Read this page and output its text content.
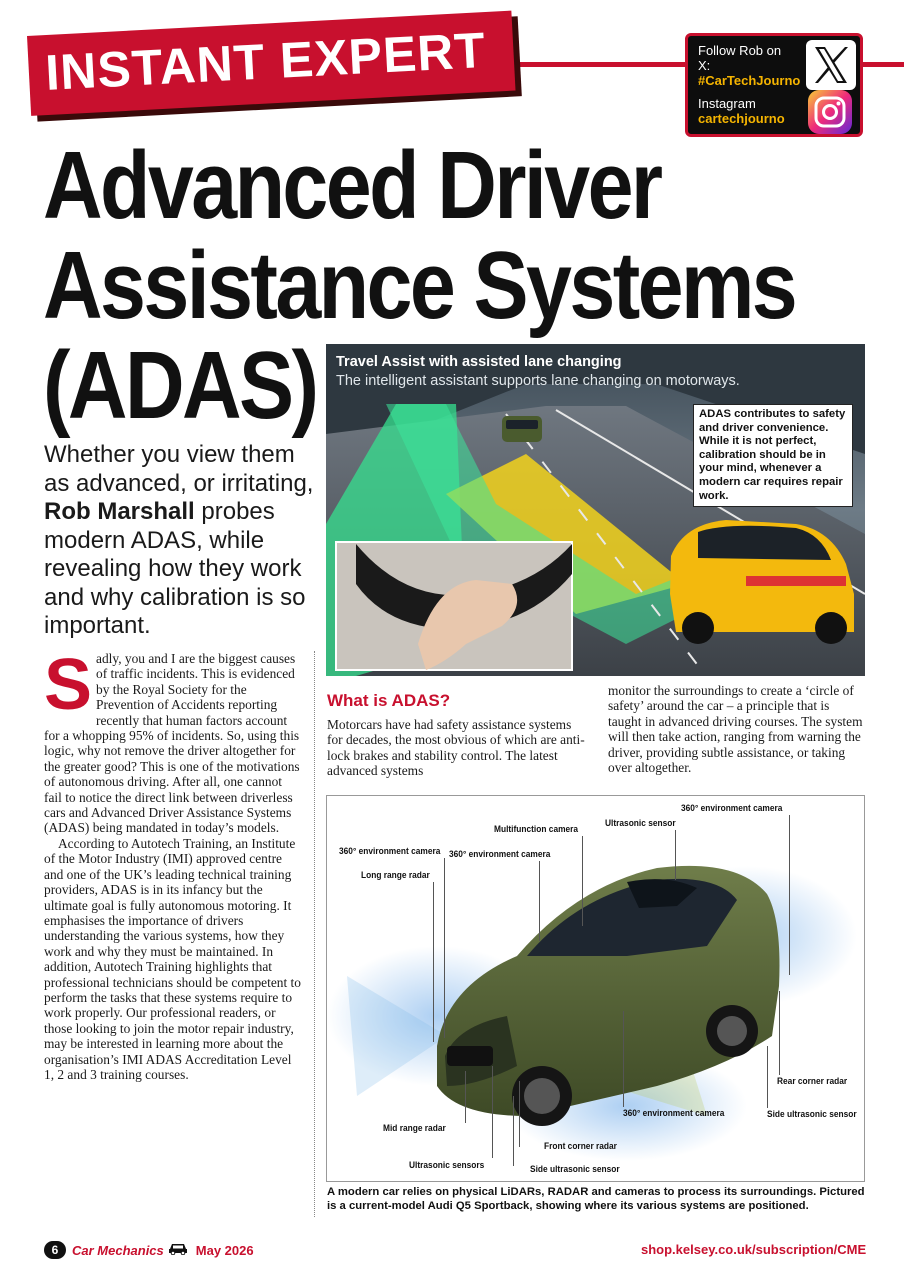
INSTANT EXPERT	Follow Rob on
X:
#CarTechJourno
Instagram
cartechjourno
Advanced Driver
Assistance Systems
(ADAS)
Whether you view them as advanced, or irritating, Rob Marshall probes modern ADAS, while revealing how they work and why calibration is so important.

Sadly, you and I are the biggest causes of traffic incidents. This is evidenced by the Royal Society for the Prevention of Accidents reporting recently that human factors account for a whopping 95% of incidents. So, using this logic, why not remove the driver altogether for the greater good? This is one of the motivations of autonomous driving. After all, one cannot fail to notice the direct link between driverless cars and Advanced Driver Assistance Systems (ADAS) being mandated in today’s models.

According to Autotech Training, an Institute of the Motor Industry (IMI) approved centre and one of the UK’s leading technical training providers, ADAS is in its infancy but the ultimate goal is fully autonomous motoring. It emphasises the importance of drivers understanding the various systems, how they work and why they must be maintained. In addition, Autotech Training highlights that professional technicians should be competent to perform the tasks that these systems require to work properly. Our professional readers, or those looking to join the motor repair industry, may be interested in learning more about the organisation’s IMI ADAS Accreditation Level 1, 2 and 3 training courses.

Travel Assist with assisted lane changing
The intelligent assistant supports lane changing on motorways.
ADAS contributes to safety and driver convenience. While it is not perfect, calibration should be in your mind, whenever a modern car requires repair work.
What is ADAS?
Motorcars have had safety assistance systems for decades, the most obvious of which are anti-lock brakes and stability control. The latest advanced systems
monitor the surroundings to create a ‘circle of safety’ around the car – a principle that is taught in advanced driving courses. The system will then take action, ranging from warning the driver, providing subtle assistance, or taking over altogether.
360° environment camera
Ultrasonic sensor
Multifunction camera
360° environment camera 360° environment camera
Long range radar
Rear corner radar
360° environment camera	Side ultrasonic sensor
Mid range radar
Front corner radar
Ultrasonic sensors	Side ultrasonic sensor
A modern car relies on physical LiDARs, RADAR and cameras to process its surroundings. Pictured is a current-model Audi Q5 Sportback, showing where its various systems are positioned.
6	Car Mechanics May 2026	shop.kelsey.co.uk/subscription/CME
